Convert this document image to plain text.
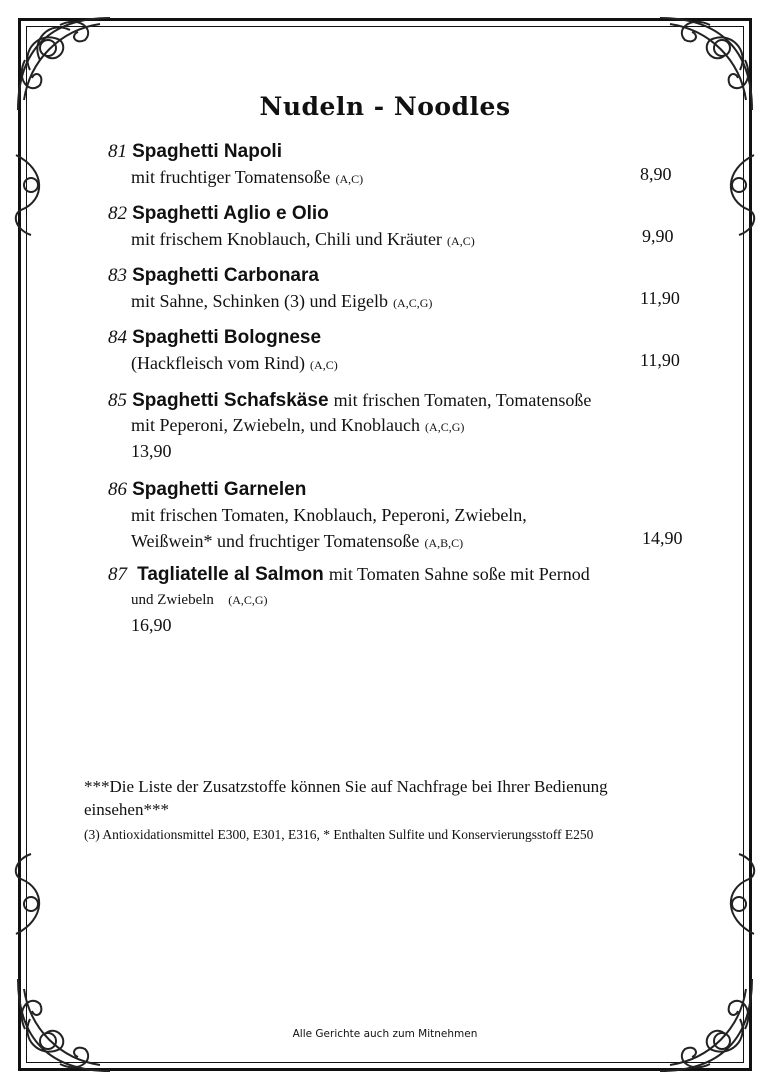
Nudeln - Noodles
81 Spaghetti Napoli
mit fruchtiger Tomatensoße (A,C)	8,90
82 Spaghetti Aglio e Olio
mit frischem Knoblauch, Chili und Kräuter (A,C)	9,90
83 Spaghetti Carbonara
mit Sahne, Schinken (3) und Eigelb (A,C,G)	11,90
84 Spaghetti Bolognese
(Hackfleisch vom Rind) (A,C)	11,90
85 Spaghetti Schafskäse mit frischen Tomaten, Tomatensoße
mit Peperoni, Zwiebeln, und Knoblauch (A,C,G)
13,90
86 Spaghetti Garnelen
mit frischen Tomaten, Knoblauch, Peperoni, Zwiebeln,
Weißwein* und fruchtiger Tomatensoße (A,B,C)	14,90
87 Tagliatelle al Salmon mit Tomaten Sahne soße mit Pernod
und Zwiebeln (A,C,G)
16,90
***Die Liste der Zusatzstoffe können Sie auf Nachfrage bei Ihrer Bedienung einsehen***
(3) Antioxidationsmittel E300, E301, E316, * Enthalten Sulfite und Konservierungsstoff E250
Alle Gerichte auch zum Mitnehmen
